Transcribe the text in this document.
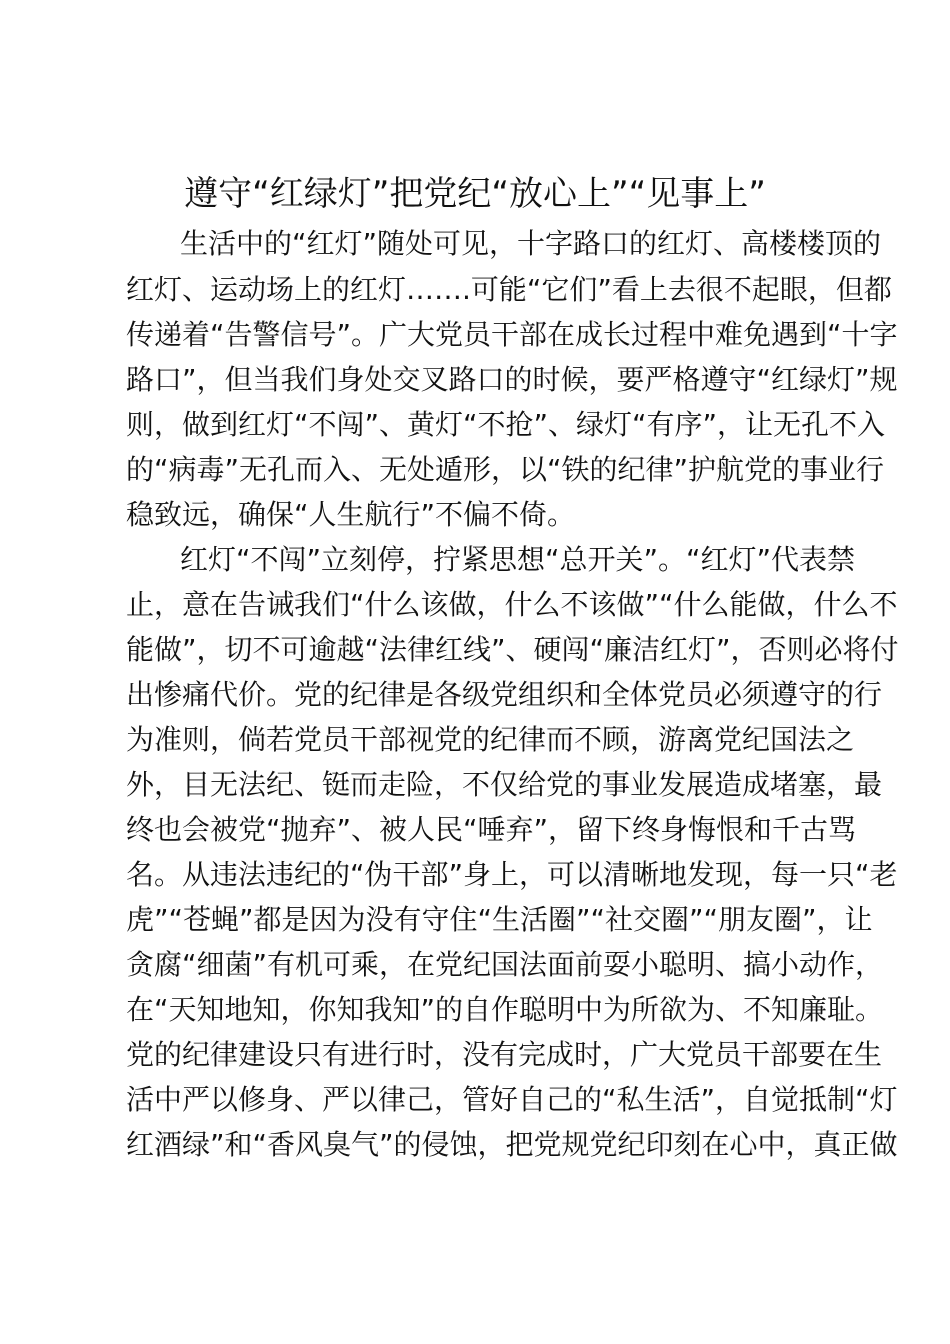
遵守“红绿灯”把党纪“放心上”“见事上”

生活中的“红灯”随处可见，十字路口的红灯、高楼楼顶的

红灯、运动场上的红灯…….可能“它们”看上去很不起眼，但都

传递着“告警信号”。广大党员干部在成长过程中难免遇到“十字

路口”，但当我们身处交叉路口的时候，要严格遵守“红绿灯”规

则，做到红灯“不闯”、黄灯“不抢”、绿灯“有序”，让无孔不入

的“病毒”无孔而入、无处遁形，以“铁的纪律”护航党的事业行

稳致远，确保“人生航行”不偏不倚。

红灯“不闯”立刻停，拧紧思想“总开关”。“红灯”代表禁

止，意在告诫我们“什么该做，什么不该做”“什么能做，什么不

能做”，切不可逾越“法律红线”、硬闯“廉洁红灯”，否则必将付

出惨痛代价。党的纪律是各级党组织和全体党员必须遵守的行

为准则，倘若党员干部视党的纪律而不顾，游离党纪国法之

外，目无法纪、铤而走险，不仅给党的事业发展造成堵塞，最

终也会被党“抛弃”、被人民“唾弃”，留下终身悔恨和千古骂

名。从违法违纪的“伪干部”身上，可以清晰地发现，每一只“老

虎”“苍蝇”都是因为没有守住“生活圈”“社交圈”“朋友圈”，让

贪腐“细菌”有机可乘，在党纪国法面前耍小聪明、搞小动作，

在“天知地知，你知我知”的自作聪明中为所欲为、不知廉耻。

党的纪律建设只有进行时，没有完成时，广大党员干部要在生

活中严以修身、严以律己，管好自己的“私生活”，自觉抵制“灯

红酒绿”和“香风臭气”的侵蚀，把党规党纪印刻在心中，真正做
